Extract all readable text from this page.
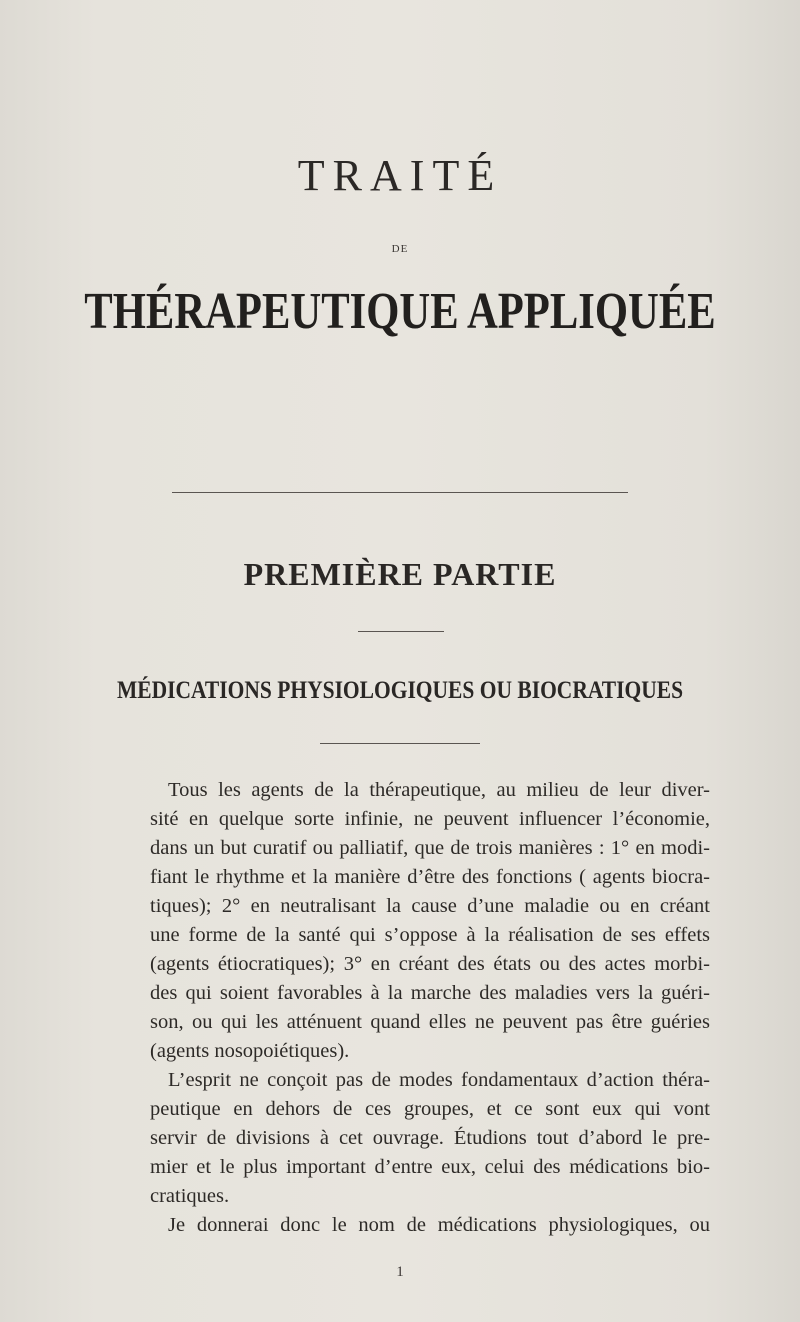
TRAITÉ
DE
THÉRAPEUTIQUE APPLIQUÉE
PREMIÈRE PARTIE
MÉDICATIONS PHYSIOLOGIQUES OU BIOCRATIQUES
Tous les agents de la thérapeutique, au milieu de leur diver-
sité en quelque sorte infinie, ne peuvent influencer l’économie,
dans un but curatif ou palliatif, que de trois manières : 1° en modi-
fiant le rhythme et la manière d’être des fonctions ( agents biocra-
tiques); 2° en neutralisant la cause d’une maladie ou en créant
une forme de la santé qui s’oppose à la réalisation de ses effets
(agents étiocratiques); 3° en créant des états ou des actes morbi-
des qui soient favorables à la marche des maladies vers la guéri-
son, ou qui les atténuent quand elles ne peuvent pas être guéries
(agents nosopoiétiques).
L’esprit ne conçoit pas de modes fondamentaux d’action théra-
peutique en dehors de ces groupes, et ce sont eux qui vont
servir de divisions à cet ouvrage. Étudions tout d’abord le pre-
mier et le plus important d’entre eux, celui des médications bio-
cratiques.
Je donnerai donc le nom de médications physiologiques, ou
1
